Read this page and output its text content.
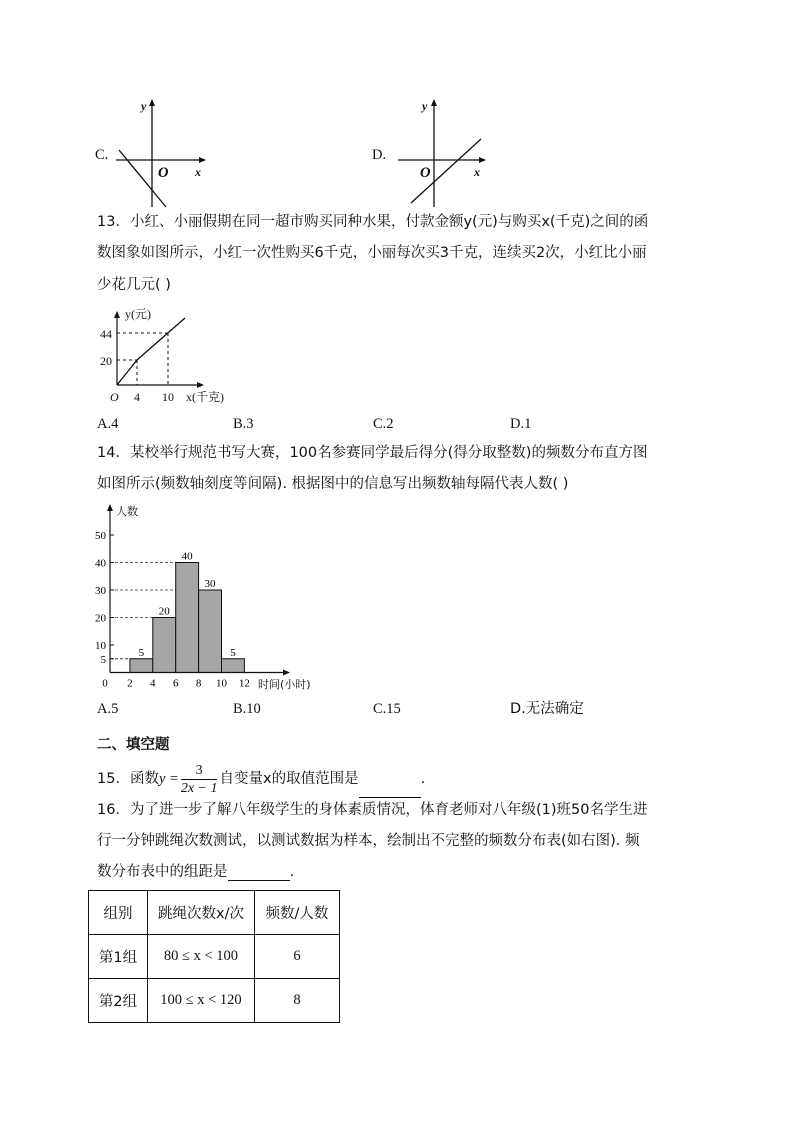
C.
y
O x
D.
y
O	x
13．小红、小丽假期在同一超市购买同种水果，付款金额y(元)与购买x(千克)之间的函
数图象如图所示，小红一次性购买6千克，小丽每次买3千克，连续买2次，小红比小丽
少花几元( )
y(元)
44
20
O 4 10 x(千克)
A.4	B.3	C.2	D.1
14．某校举行规范书写大赛，100名参赛同学最后得分(得分取整数)的频数分布直方图
如图所示(频数轴刻度等间隔). 根据图中的信息写出频数轴每隔代表人数( )
5
20
40
30
5
50
40
30
20
10
5
0 2 4 6 8 10 12
人数
时间(小时)
A.5	B.10	C.15	D.无法确定
二、填空题
15．函数$y = \frac{3}{2x - 1}$ 自变量x的取值范围是	.
16．为了进一步了解八年级学生的身体素质情况，体育老师对八年级(1)班50名学生进
行一分钟跳绳次数测试，以测试数据为样本，绘制出不完整的频数分布表(如右图). 频
数分布表中的组距是	.
组别	跳绳次数x/次	频数/人数
第1组	80 ≤ x < 100	6
第2组	100 ≤ x < 120	8
